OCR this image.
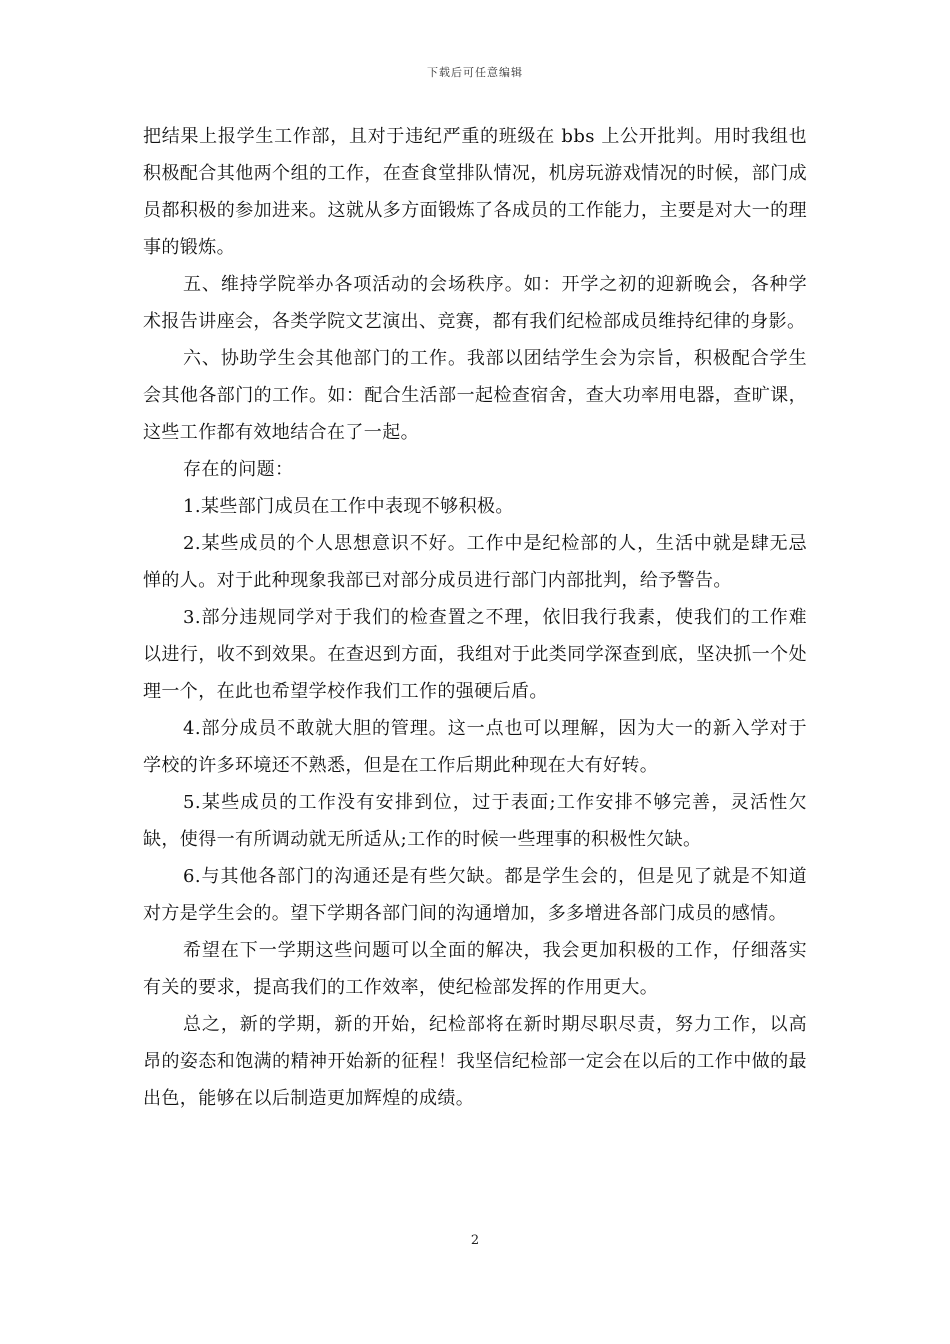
下载后可任意编辑

把结果上报学生工作部，且对于违纪严重的班级在 bbs 上公开批判。用时我组也积极配合其他两个组的工作，在查食堂排队情况，机房玩游戏情况的时候，部门成员都积极的参加进来。这就从多方面锻炼了各成员的工作能力，主要是对大一的理事的锻炼。

五、维持学院举办各项活动的会场秩序。如：开学之初的迎新晚会，各种学术报告讲座会，各类学院文艺演出、竞赛，都有我们纪检部成员维持纪律的身影。

六、协助学生会其他部门的工作。我部以团结学生会为宗旨，积极配合学生会其他各部门的工作。如：配合生活部一起检查宿舍，查大功率用电器，查旷课，这些工作都有效地结合在了一起。

存在的问题：

1.某些部门成员在工作中表现不够积极。

2.某些成员的个人思想意识不好。工作中是纪检部的人，生活中就是肆无忌惮的人。对于此种现象我部已对部分成员进行部门内部批判，给予警告。

3.部分违规同学对于我们的检查置之不理，依旧我行我素，使我们的工作难以进行，收不到效果。在查迟到方面，我组对于此类同学深查到底，坚决抓一个处理一个，在此也希望学校作我们工作的强硬后盾。

4.部分成员不敢就大胆的管理。这一点也可以理解，因为大一的新入学对于学校的许多环境还不熟悉，但是在工作后期此种现在大有好转。

5.某些成员的工作没有安排到位，过于表面;工作安排不够完善，灵活性欠缺，使得一有所调动就无所适从;工作的时候一些理事的积极性欠缺。

6.与其他各部门的沟通还是有些欠缺。都是学生会的，但是见了就是不知道对方是学生会的。望下学期各部门间的沟通增加，多多增进各部门成员的感情。

希望在下一学期这些问题可以全面的解决，我会更加积极的工作，仔细落实有关的要求，提高我们的工作效率，使纪检部发挥的作用更大。

总之，新的学期，新的开始，纪检部将在新时期尽职尽责，努力工作，以高昂的姿态和饱满的精神开始新的征程！我坚信纪检部一定会在以后的工作中做的最出色，能够在以后制造更加辉煌的成绩。

2
